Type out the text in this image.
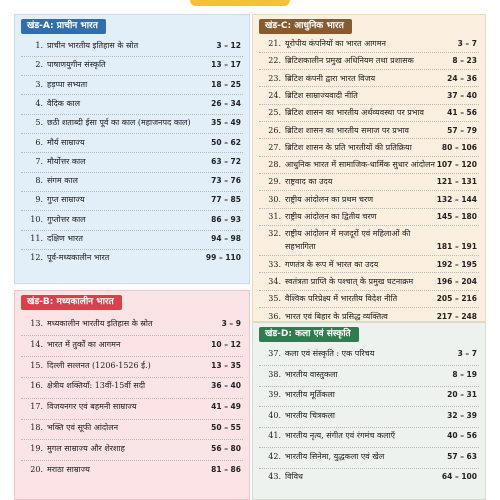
खंड-A: प्राचीन भारत
1. प्राचीन भारतीय इतिहास के स्रोत	3 – 12
2. पाषाणयुगीन संस्कृति	13 – 17
3. हड़प्पा सभ्यता	18 – 25
4. वैदिक काल	26 – 34
5. छठी शताब्दी ईसा पूर्व का काल (महाजनपद काल)	35 – 49
6. मौर्य साम्राज्य	50 – 62
7. मौर्योत्तर काल	63 – 72
8. संगम काल	73 – 76
9. गुप्त साम्राज्य	77 – 85
10. गुप्तोत्तर काल	86 – 93
11. दक्षिण भारत	94 – 98
12. पूर्व-मध्यकालीन भारत	99 – 110
खंड-B: मध्यकालीन भारत
13. मध्यकालीन भारतीय इतिहास के स्रोत	3 – 9
14. भारत में तुर्कों का आगमन	10 – 12
15. दिल्ली सल्तनत (1206-1526 ई.)	13 – 35
16. क्षेत्रीय शक्तियाँ: 13वीं-15वीं सदी	36 – 40
17. विजयनगर एवं बहमनी साम्राज्य	41 – 49
18. भक्ति एवं सूफी आंदोलन	50 – 55
19. मुगल साम्राज्य और शेरशाह	56 – 80
20. मराठा साम्राज्य	81 – 86
खंड-C: आधुनिक भारत
21. यूरोपीय कंपनियों का भारत आगमन	3 – 7
22. ब्रिटिशकालीन प्रमुख अधिनियम तथा प्रशासक	8 – 23
23. ब्रिटिश कंपनी द्वारा भारत विजय	24 – 36
24. ब्रिटिश साम्राज्यवादी नीति	37 – 40
25. ब्रिटिश शासन का भारतीय अर्थव्यवस्था पर प्रभाव	41 – 56
26. ब्रिटिश शासन का भारतीय समाज पर प्रभाव	57 – 79
27. ब्रिटिश शासन के प्रति भारतीयों की प्रतिक्रिया	80 – 106
28. आधुनिक भारत में सामाजिक-धार्मिक सुधार आंदोलन 107 – 120
29. राष्ट्रवाद का उदय	121 – 131
30. राष्ट्रीय आंदोलन का प्रथम चरण	132 – 144
31. राष्ट्रीय आंदोलन का द्वितीय चरण	145 – 180
32. राष्ट्रीय आंदोलन में मजदूरों एवं महिलाओं की
सहभागिता	181 – 191
33. गणतंत्र के रूप में भारत का उदय	192 – 195
34. स्वतंत्रता प्राप्ति के पश्चात् के प्रमुख घटनाक्रम	196 – 204
35. वैश्विक परिप्रेक्ष्य में भारतीय विदेश नीति	205 – 216
36. भारत एवं बिहार के प्रसिद्ध व्यक्तित्व	217 – 248
खंड-D: कला एवं संस्कृति
37. कला एवं संस्कृति : एक परिचय	3 – 7
38. भारतीय वास्तुकला	8 – 19
39. भारतीय मूर्तिकला	20 – 31
40. भारतीय चित्रकला	32 – 39
41. भारतीय नृत्य, संगीत एवं रंगमंच कलाएँ	40 – 56
42. भारतीय सिनेमा, युद्धकला एवं खेल	57 – 63
43. विविध	64 – 100
